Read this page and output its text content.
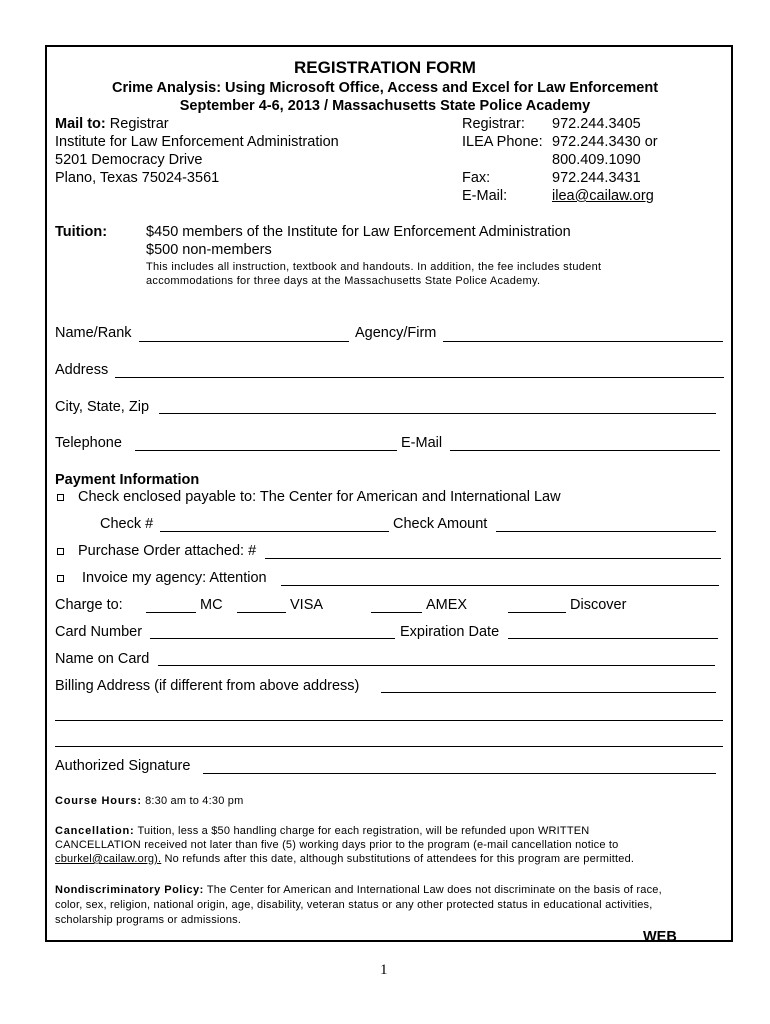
REGISTRATION FORM
Crime Analysis: Using Microsoft Office, Access and Excel for Law Enforcement
September 4-6, 2013 / Massachusetts State Police Academy
Mail to: Registrar
Institute for Law Enforcement Administration
5201 Democracy Drive
Plano, Texas 75024-3561
Registrar: 972.244.3405
ILEA Phone: 972.244.3430 or
800.409.1090
Fax:	972.244.3431
E-Mail:	ilea@cailaw.org
Tuition:	$450 members of the Institute for Law Enforcement Administration
$500 non-members
This includes all instruction, textbook and handouts. In addition, the fee includes student
accommodations for three days at the Massachusetts State Police Academy.
Name/Rank	Agency/Firm
Address
City, State, Zip
Telephone	E-Mail
Payment Information
Check enclosed payable to: The Center for American and International Law
Check #	Check Amount
Purchase Order attached: #
Invoice my agency: Attention
Charge to:	MC	VISA	AMEX	Discover
Card Number	Expiration Date
Name on Card
Billing Address (if different from above address)
Authorized Signature
Course Hours: 8:30 am to 4:30 pm
Cancellation: Tuition, less a $50 handling charge for each registration, will be refunded upon WRITTEN
CANCELLATION received not later than five (5) working days prior to the program (e-mail cancellation notice to
cburkel@cailaw.org). No refunds after this date, although substitutions of attendees for this program are permitted.
Nondiscriminatory Policy: The Center for American and International Law does not discriminate on the basis of race,
color, sex, religion, national origin, age, disability, veteran status or any other protected status in educational activities,
scholarship programs or admissions.
WEB
1
